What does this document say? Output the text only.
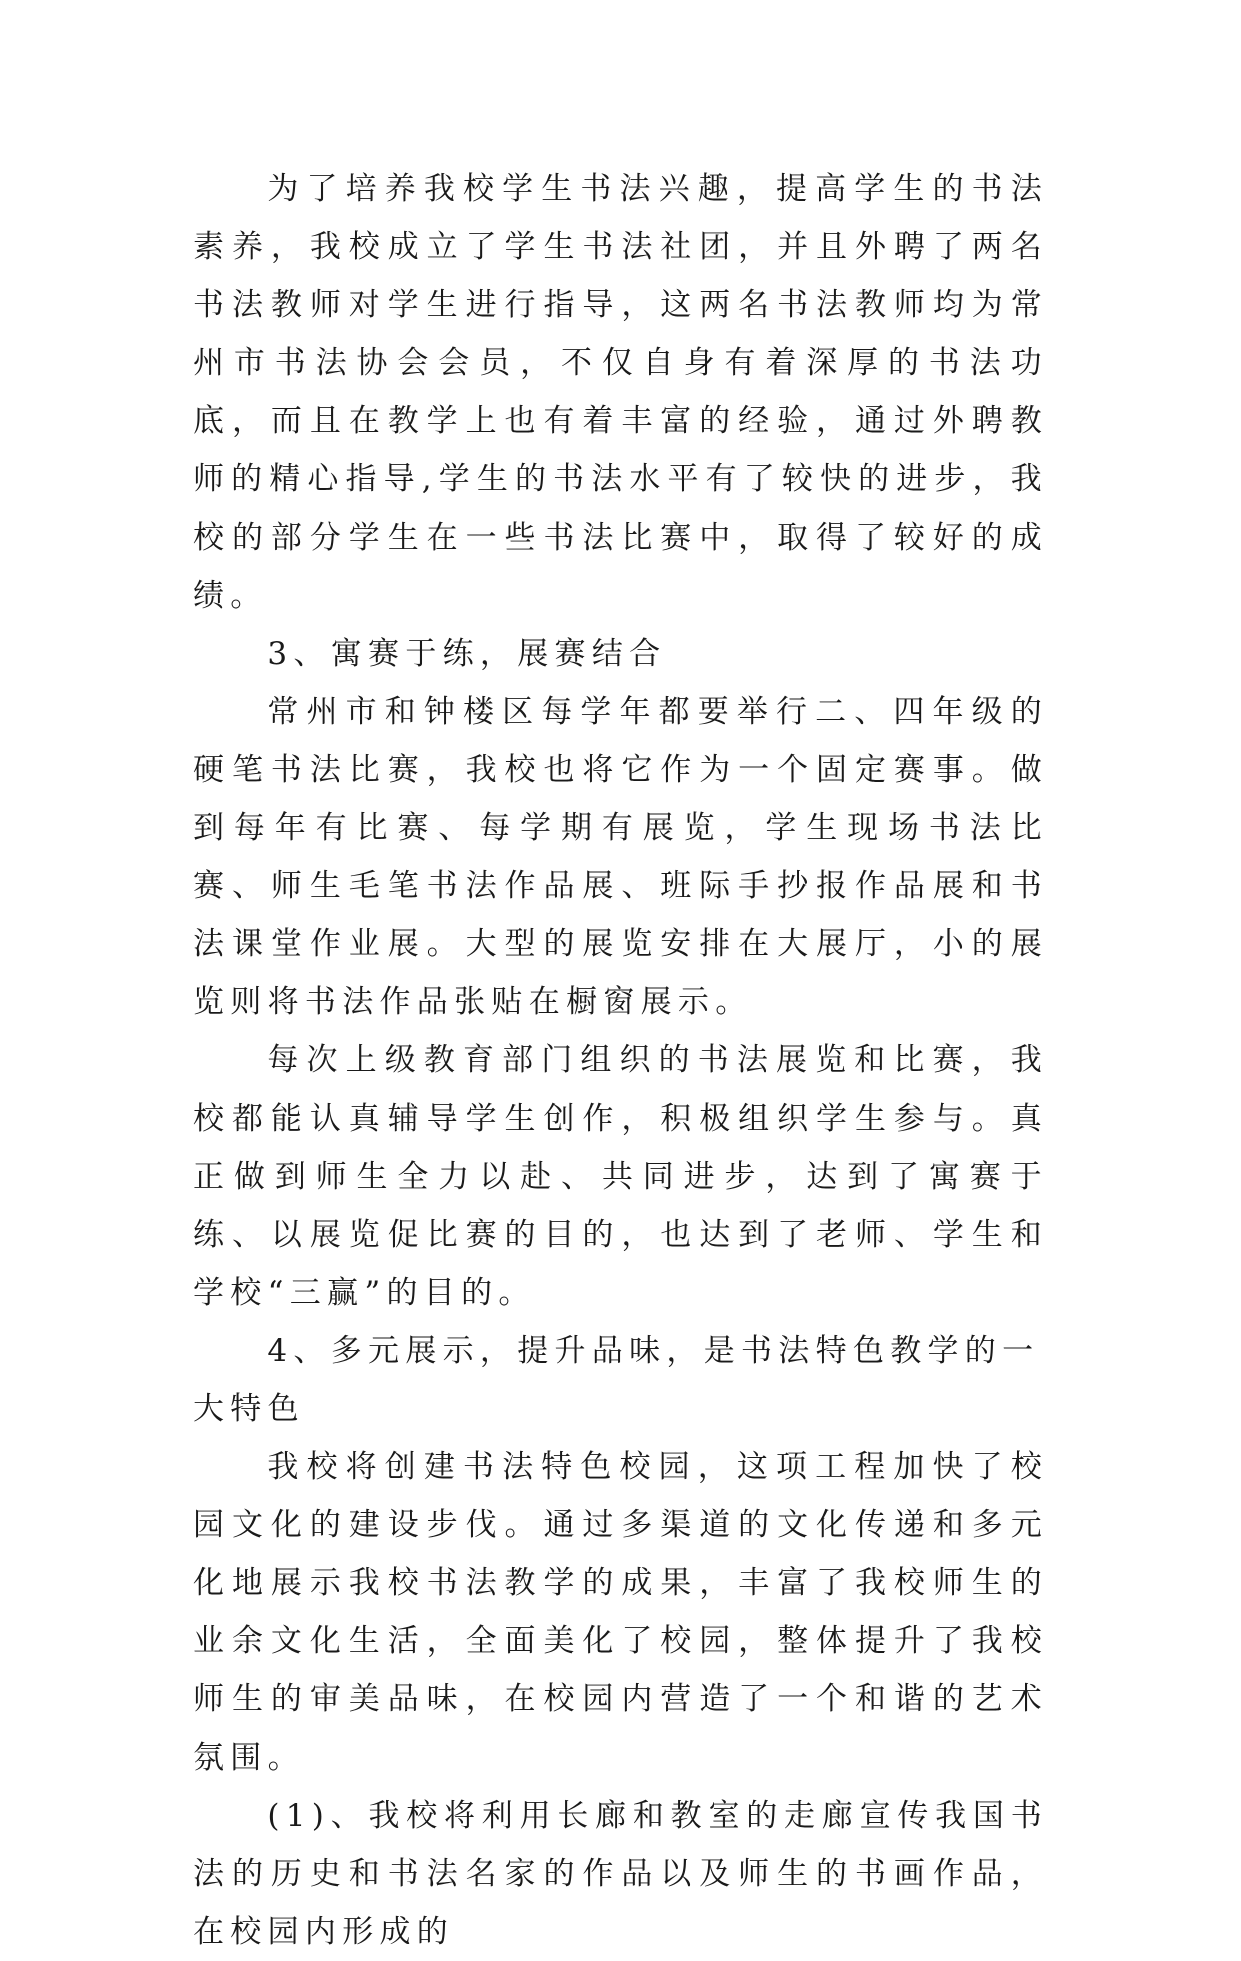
为了培养我校学生书法兴趣，提高学生的书法素养，我校成立了学生书法社团，并且外聘了两名书法教师对学生进行指导，这两名书法教师均为常州市书法协会会员，不仅自身有着深厚的书法功底，而且在教学上也有着丰富的经验，通过外聘教师的精心指导,学生的书法水平有了较快的进步，我校的部分学生在一些书法比赛中，取得了较好的成绩。

3、寓赛于练，展赛结合

常州市和钟楼区每学年都要举行二、四年级的硬笔书法比赛，我校也将它作为一个固定赛事。做到每年有比赛、每学期有展览，学生现场书法比赛、师生毛笔书法作品展、班际手抄报作品展和书法课堂作业展。大型的展览安排在大展厅，小的展览则将书法作品张贴在橱窗展示。

每次上级教育部门组织的书法展览和比赛，我校都能认真辅导学生创作，积极组织学生参与。真正做到师生全力以赴、共同进步，达到了寓赛于练、以展览促比赛的目的，也达到了老师、学生和学校“三赢”的目的。

4、多元展示，提升品味，是书法特色教学的一大特色

我校将创建书法特色校园，这项工程加快了校园文化的建设步伐。通过多渠道的文化传递和多元化地展示我校书法教学的成果，丰富了我校师生的业余文化生活，全面美化了校园，整体提升了我校师生的审美品味，在校园内营造了一个和谐的艺术氛围。

(1)、我校将利用长廊和教室的走廊宣传我国书法的历史和书法名家的作品以及师生的书画作品，在校园内形成的
